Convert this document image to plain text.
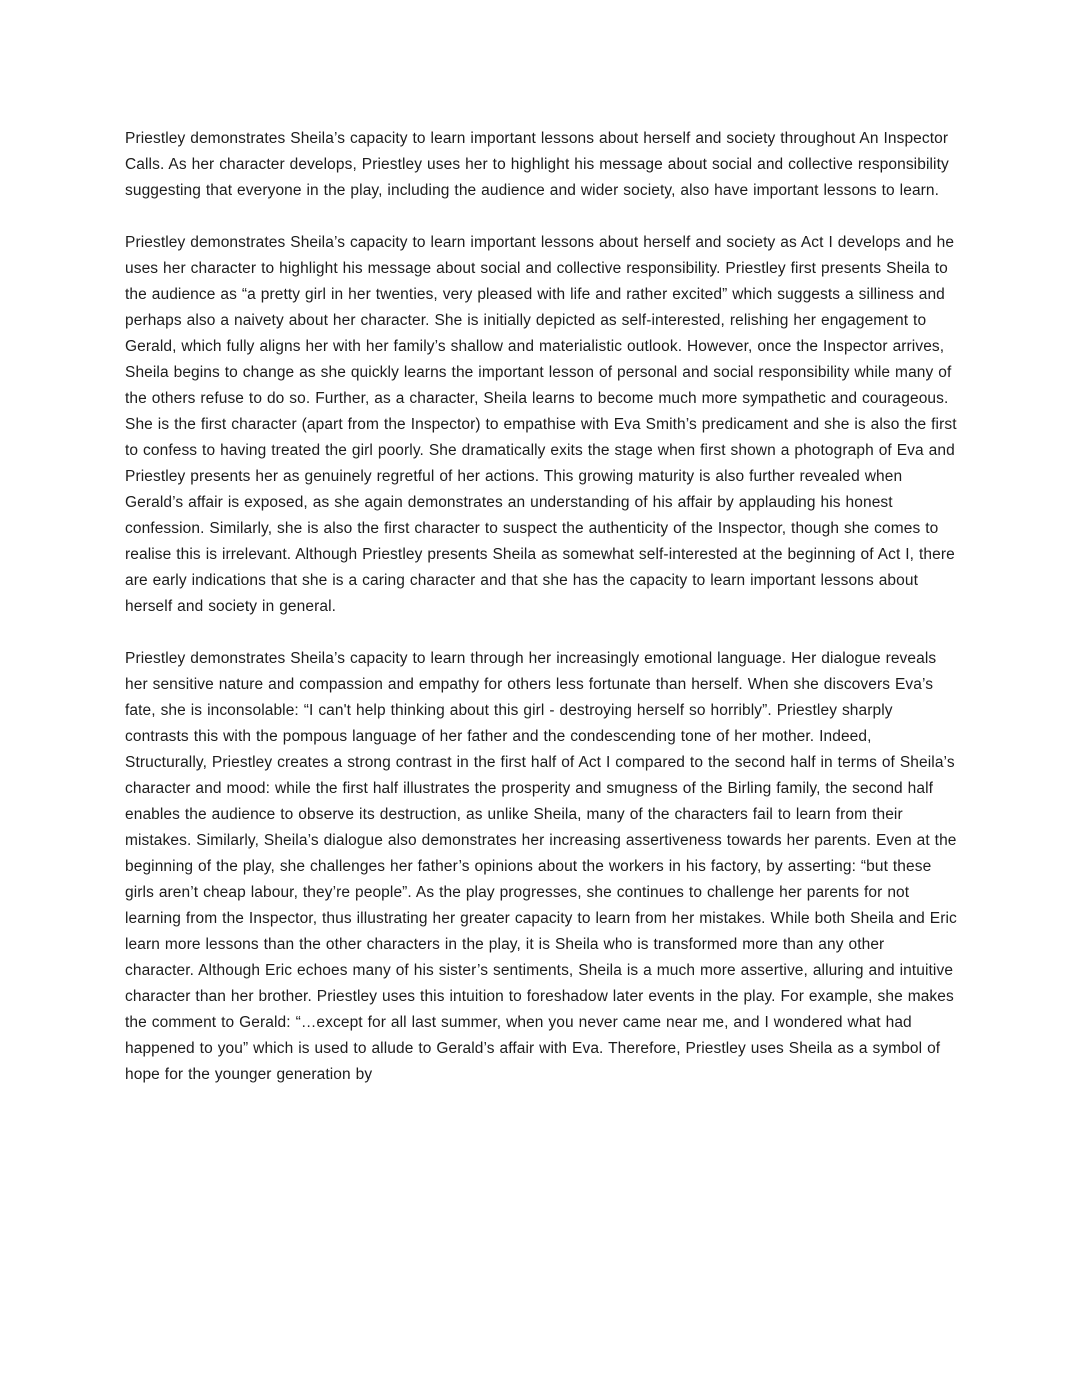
Priestley demonstrates Sheila’s capacity to learn important lessons about herself and society throughout An Inspector Calls. As her character develops, Priestley uses her to highlight his message about social and collective responsibility suggesting that everyone in the play, including the audience and wider society, also have important lessons to learn.

Priestley demonstrates Sheila’s capacity to learn important lessons about herself and society as Act I develops and he uses her character to highlight his message about social and collective responsibility. Priestley first presents Sheila to the audience as “a pretty girl in her twenties, very pleased with life and rather excited” which suggests a silliness and perhaps also a naivety about her character. She is initially depicted as self-interested, relishing her engagement to Gerald, which fully aligns her with her family’s shallow and materialistic outlook. However, once the Inspector arrives, Sheila begins to change as she quickly learns the important lesson of personal and social responsibility while many of the others refuse to do so. Further, as a character, Sheila learns to become much more sympathetic and courageous. She is the first character (apart from the Inspector) to empathise with Eva Smith’s predicament and she is also the first to confess to having treated the girl poorly. She dramatically exits the stage when first shown a photograph of Eva and Priestley presents her as genuinely regretful of her actions. This growing maturity is also further revealed when Gerald’s affair is exposed, as she again demonstrates an understanding of his affair by applauding his honest confession. Similarly, she is also the first character to suspect the authenticity of the Inspector, though she comes to realise this is irrelevant. Although Priestley presents Sheila as somewhat self-interested at the beginning of Act I, there are early indications that she is a caring character and that she has the capacity to learn important lessons about herself and society in general.

Priestley demonstrates Sheila’s capacity to learn through her increasingly emotional language. Her dialogue reveals her sensitive nature and compassion and empathy for others less fortunate than herself. When she discovers Eva’s fate, she is inconsolable: “I can't help thinking about this girl - destroying herself so horribly”. Priestley sharply contrasts this with the pompous language of her father and the condescending tone of her mother. Indeed, Structurally, Priestley creates a strong contrast in the first half of Act I compared to the second half in terms of Sheila’s character and mood: while the first half illustrates the prosperity and smugness of the Birling family, the second half enables the audience to observe its destruction, as unlike Sheila, many of the characters fail to learn from their mistakes. Similarly, Sheila’s dialogue also demonstrates her increasing assertiveness towards her parents. Even at the beginning of the play, she challenges her father’s opinions about the workers in his factory, by asserting: “but these girls aren’t cheap labour, they’re people”. As the play progresses, she continues to challenge her parents for not learning from the Inspector, thus illustrating her greater capacity to learn from her mistakes. While both Sheila and Eric learn more lessons than the other characters in the play, it is Sheila who is transformed more than any other character. Although Eric echoes many of his sister’s sentiments, Sheila is a much more assertive, alluring and intuitive character than her brother. Priestley uses this intuition to foreshadow later events in the play. For example, she makes the comment to Gerald: “…except for all last summer, when you never came near me, and I wondered what had happened to you” which is used to allude to Gerald’s affair with Eva. Therefore, Priestley uses Sheila as a symbol of hope for the younger generation by
